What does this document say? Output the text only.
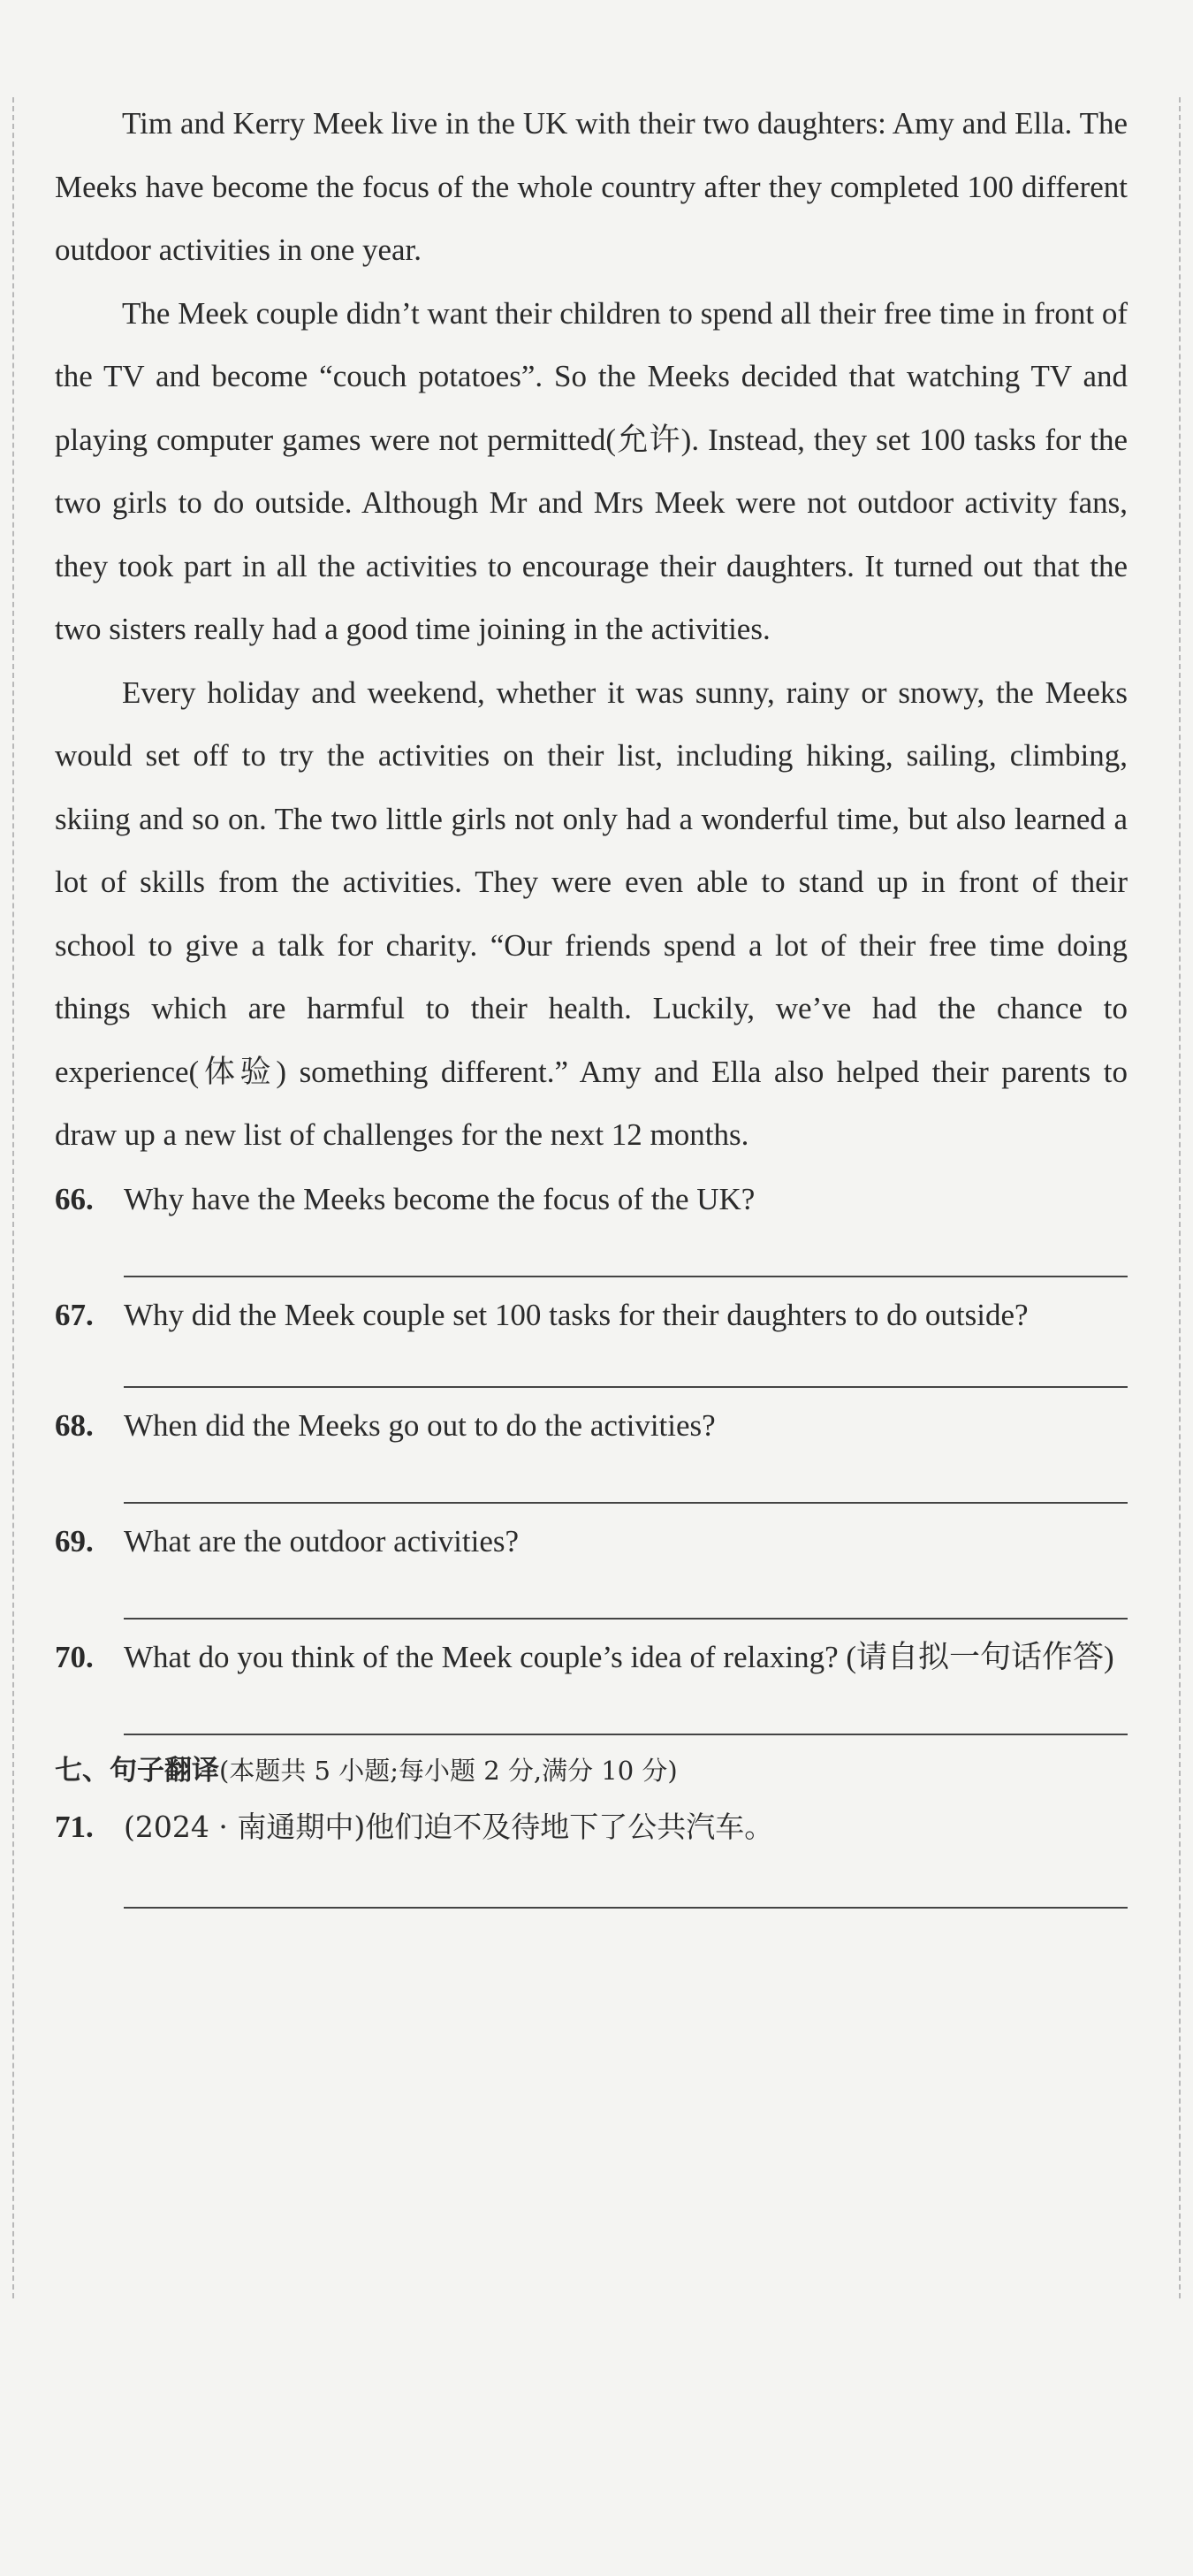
Tim and Kerry Meek live in the UK with their two daughters: Amy and Ella. The Meeks have become the focus of the whole country after they completed 100 different outdoor activities in one year.

The Meek couple didn’t want their children to spend all their free time in front of the TV and become “couch potatoes”. So the Meeks decided that watching TV and playing computer games were not permitted(允许). Instead, they set 100 tasks for the two girls to do outside. Although Mr and Mrs Meek were not outdoor activity fans, they took part in all the activities to encourage their daughters. It turned out that the two sisters really had a good time joining in the activities.

Every holiday and weekend, whether it was sunny, rainy or snowy, the Meeks would set off to try the activities on their list, including hiking, sailing, climbing, skiing and so on. The two little girls not only had a wonderful time, but also learned a lot of skills from the activities. They were even able to stand up in front of their school to give a talk for charity. “Our friends spend a lot of their free time doing things which are harmful to their health. Luckily, we’ve had the chance to experience(体验) something different.” Amy and Ella also helped their parents to draw up a new list of challenges for the next 12 months.

66. Why have the Meeks become the focus of the UK?
67. Why did the Meek couple set 100 tasks for their daughters to do outside?
68. When did the Meeks go out to do the activities?
69. What are the outdoor activities?
70. What do you think of the Meek couple’s idea of relaxing? (请自拟一句话作答)
七、句子翻译(本题共 5 小题;每小题 2 分,满分 10 分)
71.	(2024 · 南通期中)他们迫不及待地下了公共汽车。
